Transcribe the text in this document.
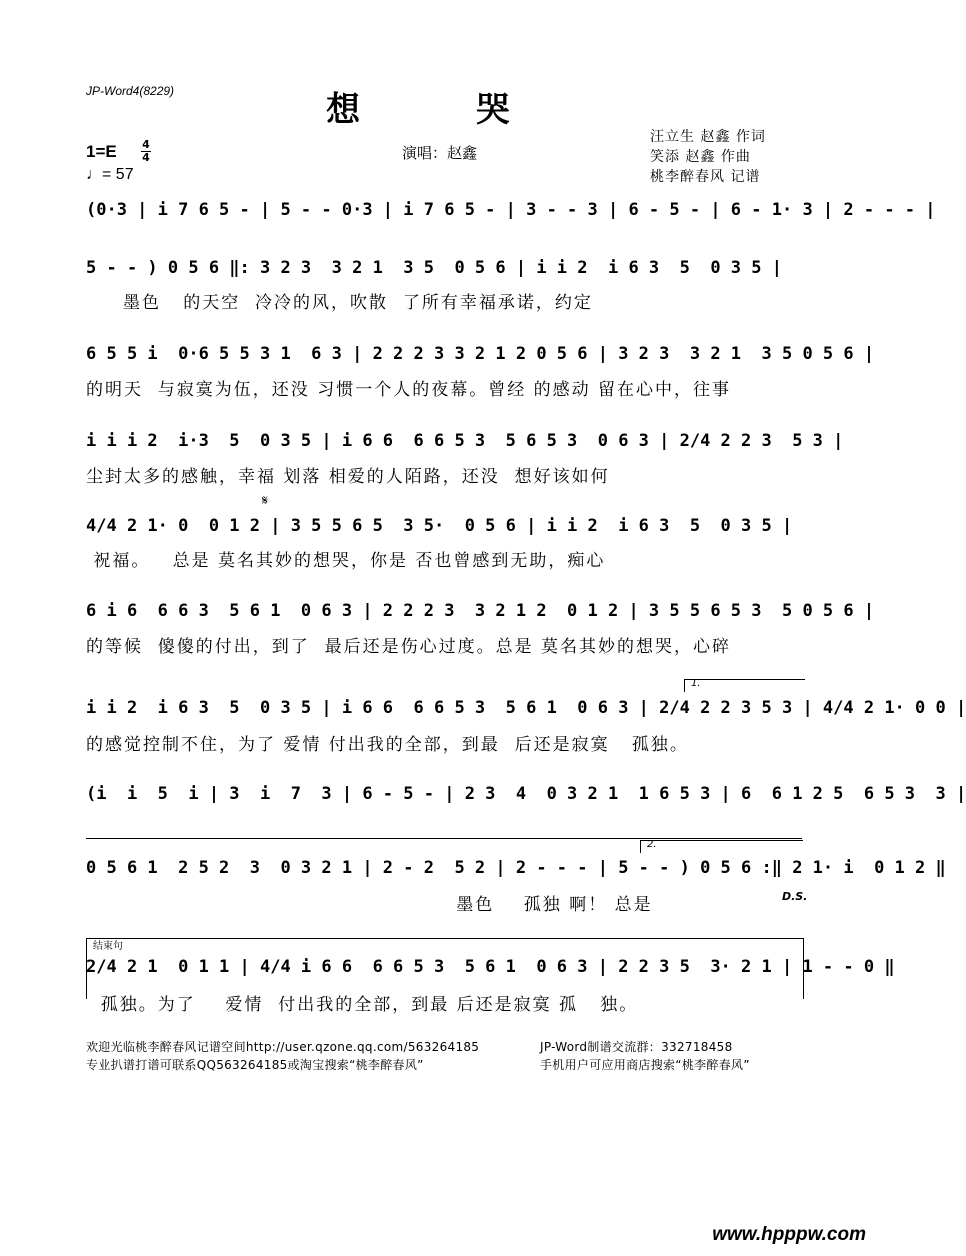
JP-Word4(8229)	想 哭
1=E 4
4
♩= 57
演唱：赵鑫
汪立生 赵鑫 作词
笑添 赵鑫 作曲
桃李醉春风 记谱
(0·3 | i 7 6 5 - | 5 - - 0·3 | i 7 6 5 - | 3 - - 3 | 6 - 5 - | 6 - 1· 3 | 2 - - - |
5 - - ) 0 5 6 ‖: 3 2 3  3 2 1  3 5  0 5 6 | i i 2  i 6 3  5  0 3 5 |
墨色   的天空  冷冷的风，吹散  了所有幸福承诺，约定
6 5 5 i  0·6 5 5 3 1  6 3 | 2 2 2 3 3 2 1 2 0 5 6 | 3 2 3  3 2 1  3 5 0 5 6 |
的明天  与寂寞为伍，还没 习惯一个人的夜幕。曾经 的感动 留在心中，往事
i i i 2  i·3  5  0 3 5 | i 6 6  6 6 5 3  5 6 5 3  0 6 3 | 2/4 2 2 3  5 3 |
尘封太多的感触，幸福 划落 相爱的人陌路，还没  想好该如何
𝄋
4/4 2 1· 0  0 1 2 | 3 5 5 6 5  3 5·  0 5 6 | i i 2  i 6 3  5  0 3 5 |
祝福。   总是 莫名其妙的想哭，你是 否也曾感到无助，痴心
6 i 6  6 6 3  5 6 1  0 6 3 | 2 2 2 3  3 2 1 2  0 1 2 | 3 5 5 6 5 3  5 0 5 6 |
的等候  傻傻的付出，到了  最后还是伤心过度。总是 莫名其妙的想哭，心碎
1.
i i 2  i 6 3  5  0 3 5 | i 6 6  6 6 5 3  5 6 1  0 6 3 | 2/4 2 2 3 5 3 | 4/4 2 1· 0 0 |
的感觉控制不住，为了 爱情 付出我的全部，到最  后还是寂寞   孤独。
(i  i  5  i | 3  i  7  3 | 6 - 5 - | 2 3  4  0 3 2 1  1 6 5 3 | 6  6 1 2 5  6 5 3  3 |
2.
0 5 6 1  2 5 2  3  0 3 2 1 | 2 - 2  5 2 | 2 - - - | 5 - - ) 0 5 6 :‖ 2 1· i  0 1 2 ‖
墨色    孤独 啊！ 总是	D.S.
结束句
2/4 2 1  0 1 1 | 4/4 i 6 6  6 6 5 3  5 6 1  0 6 3 | 2 2 3 5  3· 2 1 | 1 - - 0 ‖
孤独。为了    爱情  付出我的全部，到最 后还是寂寞 孤   独。
欢迎光临桃李醉春风记谱空间http://user.qzone.qq.com/563264185	JP-Word制谱交流群：332718458
专业扒谱打谱可联系QQ563264185或淘宝搜索“桃李醉春风”	手机用户可应用商店搜索“桃李醉春风”
www.hpppw.com
